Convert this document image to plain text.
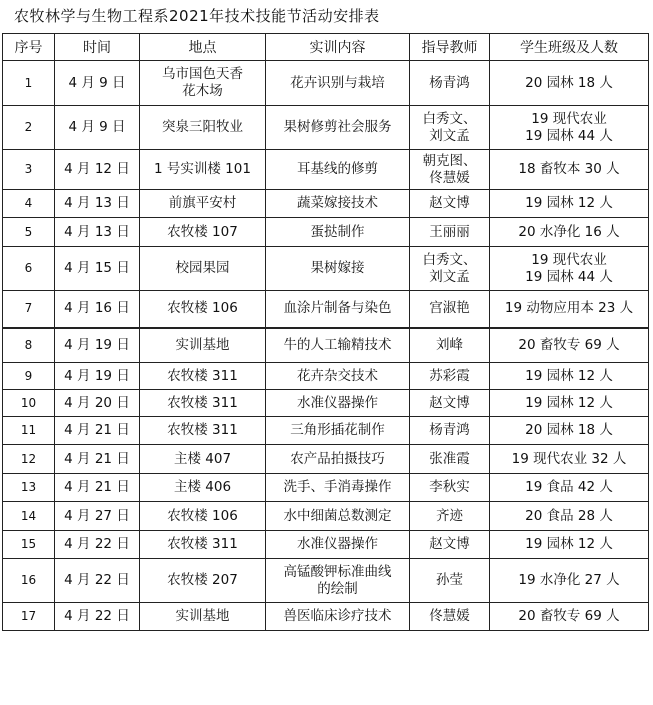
农牧林学与生物工程系2021年技术技能节活动安排表
序号	时间	地点	实训内容	指导教师	学生班级及人数

1	4 月 9 日	乌市国色天香
花木场	花卉识别与栽培	杨青鸿	20 园林 18 人

2	4 月 9 日	突泉三阳牧业	果树修剪社会服务	白秀文、
刘文孟	19 现代农业
19 园林 44 人

3	4 月 12 日	1 号实训楼 101	耳基线的修剪	朝克图、
佟慧媛	18 畜牧本 30 人

4	4 月 13 日	前旗平安村	蔬菜嫁接技术	赵文博	19 园林 12 人

5	4 月 13 日	农牧楼 107	蛋挞制作	王丽丽	20 水净化 16 人

6	4 月 15 日	校园果园	果树嫁接	白秀文、
刘文孟	19 现代农业
19 园林 44 人

7	4 月 16 日	农牧楼 106	血涂片制备与染色	宫淑艳	19 动物应用本 23 人

8	4 月 19 日	实训基地	牛的人工输精技术	刘峰	20 畜牧专 69 人

9	4 月 19 日	农牧楼 311	花卉杂交技术	苏彩霞	19 园林 12 人

10	4 月 20 日	农牧楼 311	水准仪器操作	赵文博	19 园林 12 人

11	4 月 21 日	农牧楼 311	三角形插花制作	杨青鸿	20 园林 18 人

12	4 月 21 日	主楼 407	农产品拍摄技巧	张准霞	19 现代农业 32 人

13	4 月 21 日	主楼 406	洗手、手消毒操作	李秋实	19 食品 42 人

14	4 月 27 日	农牧楼 106	水中细菌总数测定	齐迹	20 食品 28 人

15	4 月 22 日	农牧楼 311	水准仪器操作	赵文博	19 园林 12 人

16	4 月 22 日	农牧楼 207	高锰酸钾标准曲线
的绘制	孙莹	19 水净化 27 人

17	4 月 22 日	实训基地	兽医临床诊疗技术	佟慧媛	20 畜牧专 69 人
